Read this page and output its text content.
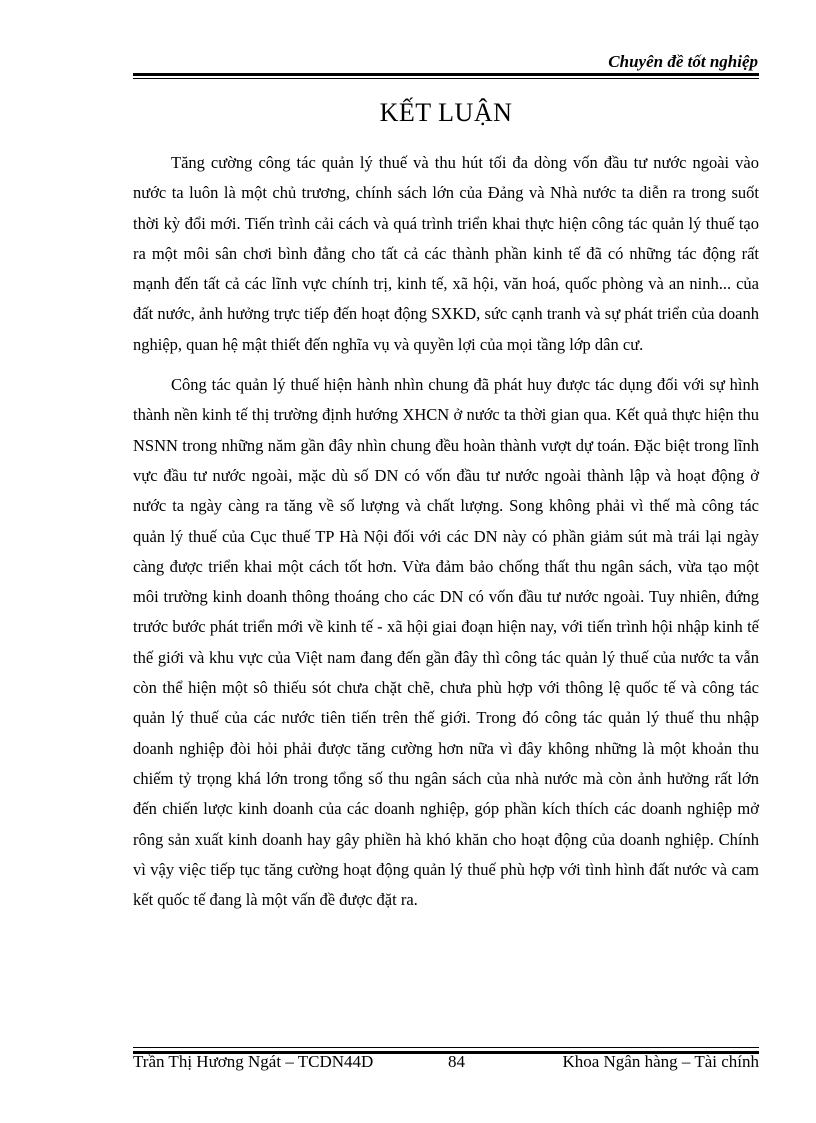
Chuyên đề tốt nghiệp
KẾT LUẬN

Tăng cường công tác quản lý thuế và thu hút tối đa dòng vốn đầu tư nước ngoài vào nước ta luôn là một chủ trương, chính sách lớn của Đảng và Nhà nước ta diễn ra trong suốt thời kỳ đổi mới. Tiến trình cải cách và quá trình triển khai thực hiện công tác quản lý thuế tạo ra một môi sân chơi bình đẳng cho tất cả các thành phần kinh tế đã có những tác động rất mạnh đến tất cả các lĩnh vực chính trị, kinh tế, xã hội, văn hoá, quốc phòng và an ninh... của đất nước, ảnh hưởng trực tiếp đến hoạt động SXKD, sức cạnh tranh và sự phát triển của doanh nghiệp, quan hệ mật thiết đến nghĩa vụ và quyền lợi của mọi tầng lớp dân cư.

Công tác quản lý thuế hiện hành nhìn chung đã phát huy được tác dụng đối với sự hình thành nền kinh tế thị trường định hướng XHCN ở nước ta thời gian qua. Kết quả thực hiện thu NSNN trong những năm gần đây nhìn chung đều hoàn thành vượt dự toán. Đặc biệt trong lĩnh vực đầu tư nước ngoài, mặc dù số DN có vốn đầu tư nước ngoài thành lập và hoạt động ở nước ta ngày càng ra tăng về số lượng và chất lượng. Song không phải vì thế mà công tác quản lý thuế của Cục thuế TP Hà Nội đối với các DN này có phần giảm sút mà trái lại ngày càng được triển khai một cách tốt hơn. Vừa đảm bảo chống thất thu ngân sách, vừa tạo một môi trường kinh doanh thông thoáng cho các DN có vốn đầu tư nước ngoài. Tuy nhiên, đứng trước bước phát triển mới về kinh tế - xã hội giai đoạn hiện nay, với tiến trình hội nhập kinh tế thế giới và khu vực của Việt nam đang đến gần đây thì công tác quản lý thuế của nước ta vẫn còn thể hiện một sô thiếu sót chưa chặt chẽ, chưa phù hợp với thông lệ quốc tế và công tác quản lý thuế của các nước tiên tiến trên thế giới. Trong đó công tác quản lý thuế thu nhập doanh nghiệp đòi hỏi phải được tăng cường hơn nữa vì đây không những là một khoản thu chiếm tỷ trọng khá lớn trong tổng số thu ngân sách của nhà nước mà còn ảnh hưởng rất lớn đến chiến lược kinh doanh của các doanh nghiệp, góp phần kích thích các doanh nghiệp mở rông sản xuất kinh doanh hay gây phiền hà khó khăn cho hoạt động của doanh nghiệp. Chính vì vậy việc tiếp tục tăng cường hoạt động quản lý thuế phù hợp với tình hình đất nước và cam kết quốc tế đang là một vấn đề được đặt ra.

Trần Thị Hương Ngát – TCDN44D	84	Khoa Ngân hàng – Tài chính
